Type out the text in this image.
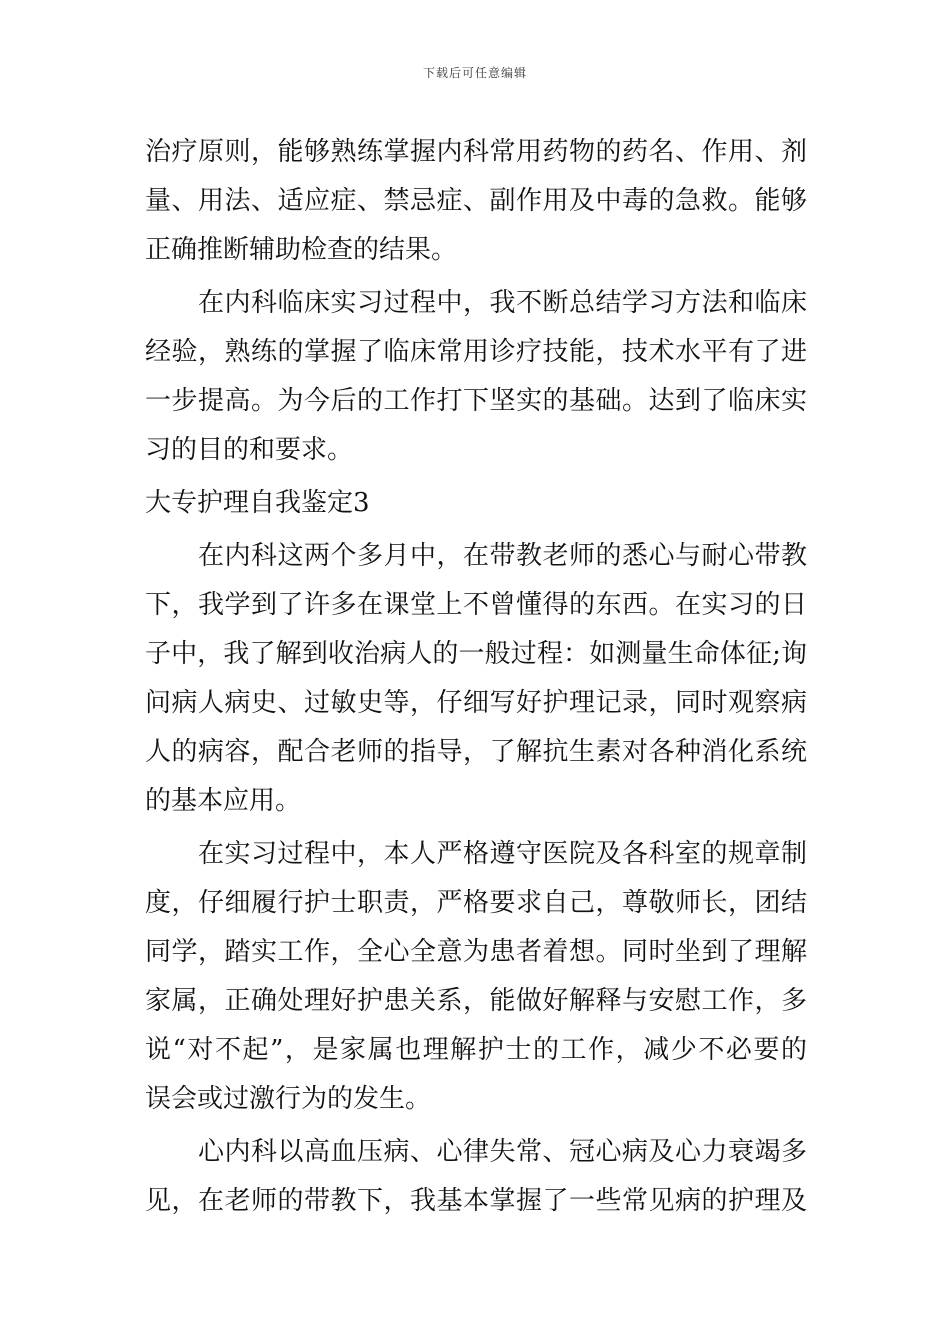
下载后可任意编辑
治疗原则，能够熟练掌握内科常用药物的药名、作用、剂
量、用法、适应症、禁忌症、副作用及中毒的急救。能够
正确推断辅助检查的结果。
在内科临床实习过程中，我不断总结学习方法和临床
经验，熟练的掌握了临床常用诊疗技能，技术水平有了进
一步提高。为今后的工作打下坚实的基础。达到了临床实
习的目的和要求。
大专护理自我鉴定3
在内科这两个多月中，在带教老师的悉心与耐心带教
下，我学到了许多在课堂上不曾懂得的东西。在实习的日
子中，我了解到收治病人的一般过程：如测量生命体征;询
问病人病史、过敏史等，仔细写好护理记录，同时观察病
人的病容，配合老师的指导，了解抗生素对各种消化系统
的基本应用。
在实习过程中，本人严格遵守医院及各科室的规章制
度，仔细履行护士职责，严格要求自己，尊敬师长，团结
同学，踏实工作，全心全意为患者着想。同时坐到了理解
家属，正确处理好护患关系，能做好解释与安慰工作，多
说“对不起”，是家属也理解护士的工作，减少不必要的
误会或过激行为的发生。
心内科以高血压病、心律失常、冠心病及心力衰竭多
见，在老师的带教下，我基本掌握了一些常见病的护理及
